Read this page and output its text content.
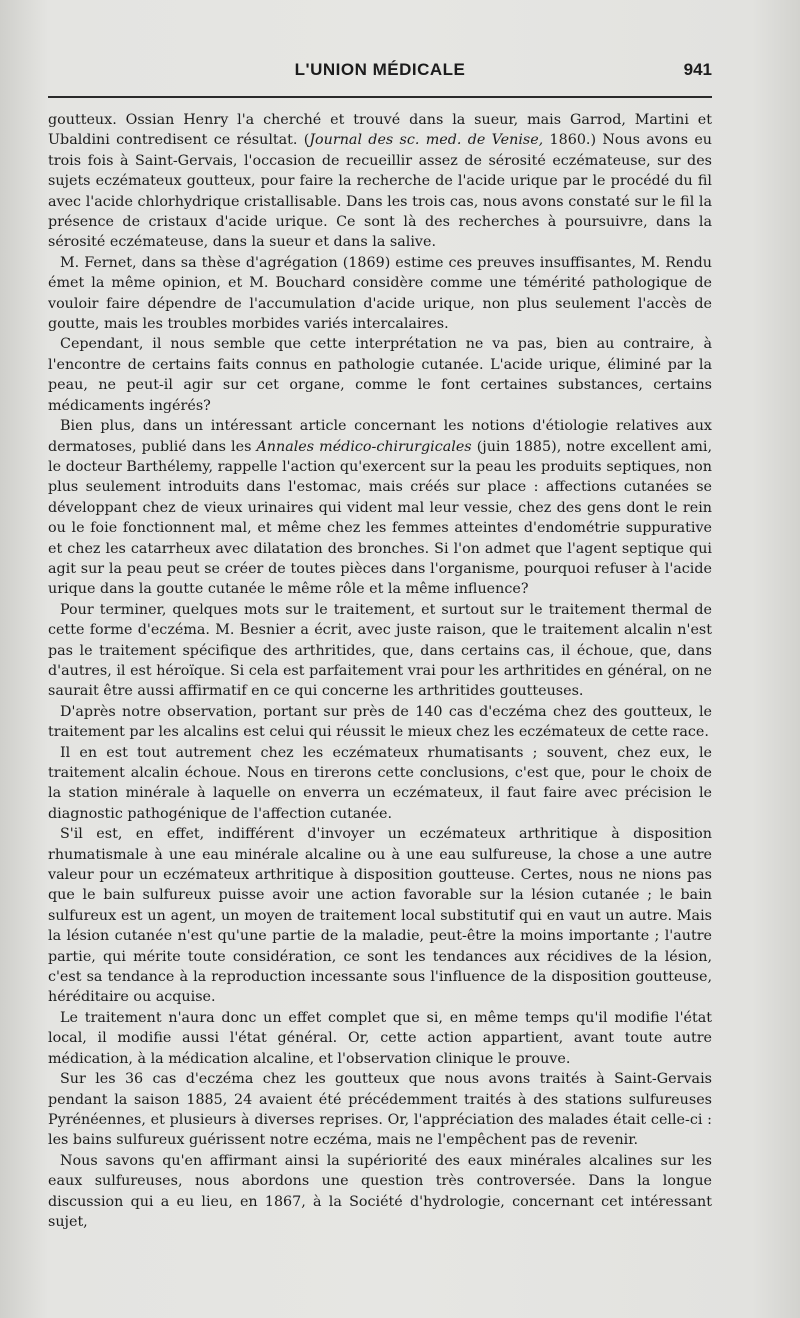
L'UNION MÉDICALE	941

goutteux. Ossian Henry l'a cherché et trouvé dans la sueur, mais Garrod, Martini et Ubaldini contredisent ce résultat. (Journal des sc. med. de Venise, 1860.) Nous avons eu trois fois à Saint-Gervais, l'occasion de recueillir assez de sérosité eczémateuse, sur des sujets eczémateux goutteux, pour faire la recherche de l'acide urique par le procédé du fil avec l'acide chlorhydrique cristallisable. Dans les trois cas, nous avons constaté sur le fil la présence de cristaux d'acide urique. Ce sont là des recherches à poursuivre, dans la sérosité eczémateuse, dans la sueur et dans la salive.

M. Fernet, dans sa thèse d'agrégation (1869) estime ces preuves insuffisantes, M. Rendu émet la même opinion, et M. Bouchard considère comme une témérité pathologique de vouloir faire dépendre de l'accumulation d'acide urique, non plus seulement l'accès de goutte, mais les troubles morbides variés intercalaires.

Cependant, il nous semble que cette interprétation ne va pas, bien au contraire, à l'encontre de certains faits connus en pathologie cutanée. L'acide urique, éliminé par la peau, ne peut-il agir sur cet organe, comme le font certaines substances, certains médicaments ingérés?

Bien plus, dans un intéressant article concernant les notions d'étiologie relatives aux dermatoses, publié dans les Annales médico-chirurgicales (juin 1885), notre excellent ami, le docteur Barthélemy, rappelle l'action qu'exercent sur la peau les produits septiques, non plus seulement introduits dans l'estomac, mais créés sur place : affections cutanées se développant chez de vieux urinaires qui vident mal leur vessie, chez des gens dont le rein ou le foie fonctionnent mal, et même chez les femmes atteintes d'endométrie suppurative et chez les catarrheux avec dilatation des bronches. Si l'on admet que l'agent septique qui agit sur la peau peut se créer de toutes pièces dans l'organisme, pourquoi refuser à l'acide urique dans la goutte cutanée le même rôle et la même influence?

Pour terminer, quelques mots sur le traitement, et surtout sur le traitement thermal de cette forme d'eczéma. M. Besnier a écrit, avec juste raison, que le traitement alcalin n'est pas le traitement spécifique des arthritides, que, dans certains cas, il échoue, que, dans d'autres, il est héroïque. Si cela est parfaitement vrai pour les arthritides en général, on ne saurait être aussi affirmatif en ce qui concerne les arthritides goutteuses.

D'après notre observation, portant sur près de 140 cas d'eczéma chez des goutteux, le traitement par les alcalins est celui qui réussit le mieux chez les eczémateux de cette race.

Il en est tout autrement chez les eczémateux rhumatisants ; souvent, chez eux, le traitement alcalin échoue. Nous en tirerons cette conclusions, c'est que, pour le choix de la station minérale à laquelle on enverra un eczémateux, il faut faire avec précision le diagnostic pathogénique de l'affection cutanée.

S'il est, en effet, indifférent d'invoyer un eczémateux arthritique à disposition rhumatismale à une eau minérale alcaline ou à une eau sulfureuse, la chose a une autre valeur pour un eczémateux arthritique à disposition goutteuse. Certes, nous ne nions pas que le bain sulfureux puisse avoir une action favorable sur la lésion cutanée ; le bain sulfureux est un agent, un moyen de traitement local substitutif qui en vaut un autre. Mais la lésion cutanée n'est qu'une partie de la maladie, peut-être la moins importante ; l'autre partie, qui mérite toute considération, ce sont les tendances aux récidives de la lésion, c'est sa tendance à la reproduction incessante sous l'influence de la disposition goutteuse, héréditaire ou acquise.

Le traitement n'aura donc un effet complet que si, en même temps qu'il modifie l'état local, il modifie aussi l'état général. Or, cette action appartient, avant toute autre médication, à la médication alcaline, et l'observation clinique le prouve.

Sur les 36 cas d'eczéma chez les goutteux que nous avons traités à Saint-Gervais pendant la saison 1885, 24 avaient été précédemment traités à des stations sulfureuses Pyrénéennes, et plusieurs à diverses reprises. Or, l'appréciation des malades était celle-ci : les bains sulfureux guérissent notre eczéma, mais ne l'empêchent pas de revenir.

Nous savons qu'en affirmant ainsi la supériorité des eaux minérales alcalines sur les eaux sulfureuses, nous abordons une question très controversée. Dans la longue discussion qui a eu lieu, en 1867, à la Société d'hydrologie, concernant cet intéressant sujet,
